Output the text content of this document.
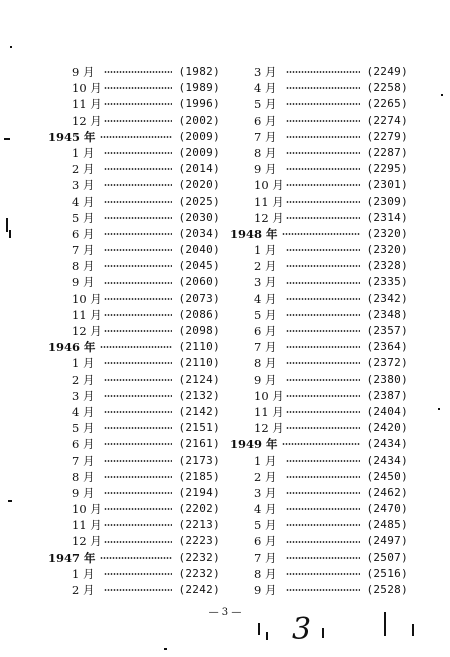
9 月	(1982)
10 月	(1989)
11 月	(1996)
12 月	(2002)
1945 年	(2009)
1 月	(2009)
2 月	(2014)
3 月	(2020)
4 月	(2025)
5 月	(2030)
6 月	(2034)
7 月	(2040)
8 月	(2045)
9 月	(2060)
10 月	(2073)
11 月	(2086)
12 月	(2098)
1946 年	(2110)
1 月	(2110)
2 月	(2124)
3 月	(2132)
4 月	(2142)
5 月	(2151)
6 月	(2161)
7 月	(2173)
8 月	(2185)
9 月	(2194)
10 月	(2202)
11 月	(2213)
12 月	(2223)
1947 年	(2232)
1 月	(2232)
2 月	(2242)
3 月	(2249)
4 月	(2258)
5 月	(2265)
6 月	(2274)
7 月	(2279)
8 月	(2287)
9 月	(2295)
10 月	(2301)
11 月	(2309)
12 月	(2314)
1948 年	(2320)
1 月	(2320)
2 月	(2328)
3 月	(2335)
4 月	(2342)
5 月	(2348)
6 月	(2357)
7 月	(2364)
8 月	(2372)
9 月	(2380)
10 月	(2387)
11 月	(2404)
12 月	(2420)
1949 年	(2434)
1 月	(2434)
2 月	(2450)
3 月	(2462)
4 月	(2470)
5 月	(2485)
6 月	(2497)
7 月	(2507)
8 月	(2516)
9 月	(2528)
— 3 —	3
